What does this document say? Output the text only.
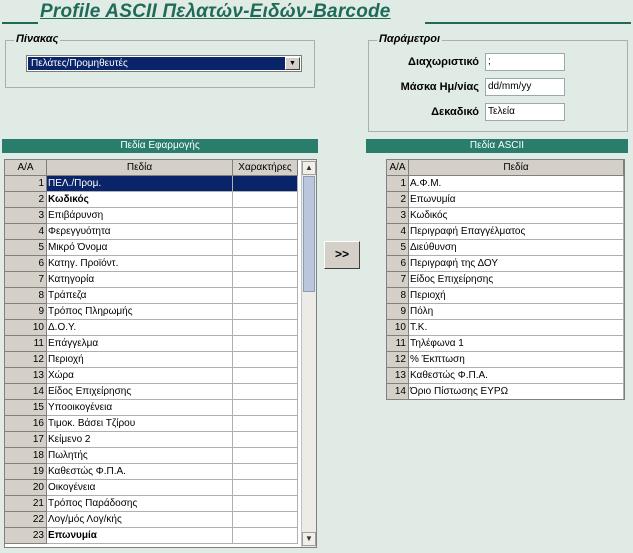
Profile ASCII Πελατών-Ειδών-Barcode
Πίνακας
Πελάτες/Προμηθευτές	▼
Παράμετροι
Διαχωριστικό ;
Μάσκα Ημ/νίας dd/mm/yy
Δεκαδικό Τελεία
Πεδία Εφαρμογής
Α/Α	Πεδία	Χαρακτήρες
1 ΠΕΛ./Προμ.
2 Κωδικός
3 Επιβάρυνση
4 Φερεγγυότητα
5 Μικρό Όνομα
6 Κατηγ. Προϊόντ.
7 Κατηγορία
8 Τράπεζα
9 Τρόπος Πληρωμής
10 Δ.Ο.Υ.
11 Επάγγελμα
12 Περιοχή
13 Χώρα
14 Είδος Επιχείρησης
15 Υποοικογένεια
16 Τιμοκ. Βάσει Τζίρου
17 Κείμενο 2
18 Πωλητής
19 Καθεστώς Φ.Π.Α.
20 Οικογένεια
21 Τρόπος Παράδοσης
22 Λογ/μός Λογ/κής
23 Επωνυμία
▲
▼
>>
Πεδία ASCII
Α/Α	Πεδία
1 Α.Φ.Μ.
2 Επωνυμία
3 Κωδικός
4 Περιγραφή Επαγγέλματος
5 Διεύθυνση
6 Περιγραφή της ΔΟΥ
7 Είδος Επιχείρησης
8 Περιοχή
9 Πόλη
10 Τ.Κ.
11 Τηλέφωνα 1
12 % Έκπτωση
13 Καθεστώς Φ.Π.Α.
14 Όριο Πίστωσης ΕΥΡΩ
